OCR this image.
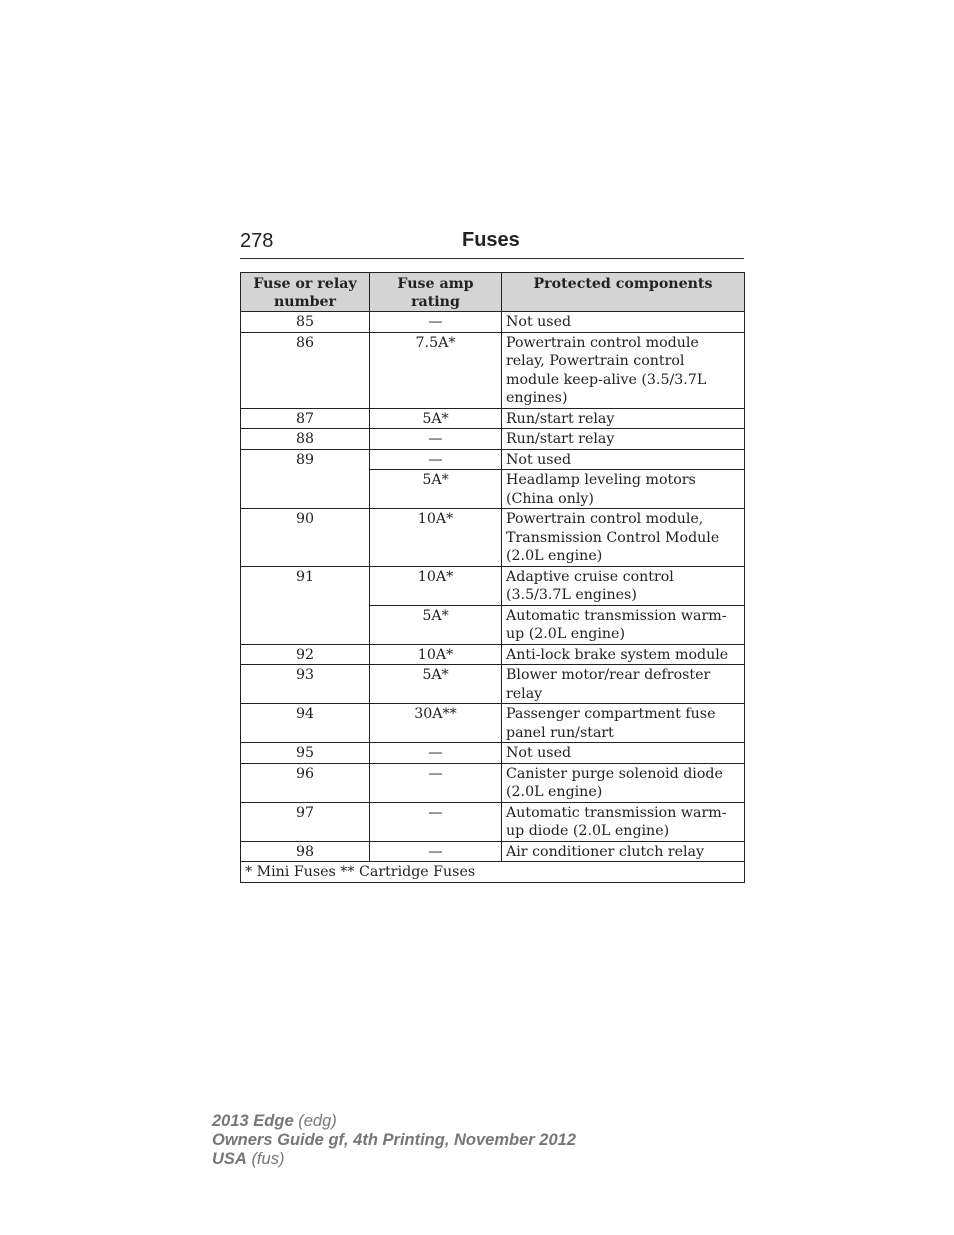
278	Fuses
Fuse or relay number	Fuse amp rating	Protected components
85	—	Not used
86	7.5A*	Powertrain control module relay, Powertrain control module keep-alive (3.5/3.7L engines)
87	5A*	Run/start relay
88	—	Run/start relay
89	—	Not used
	5A*	Headlamp leveling motors (China only)
90	10A*	Powertrain control module, Transmission Control Module (2.0L engine)
91	10A*	Adaptive cruise control (3.5/3.7L engines)
	5A*	Automatic transmission warm-up (2.0L engine)
92	10A*	Anti-lock brake system module
93	5A*	Blower motor/rear defroster relay
94	30A**	Passenger compartment fuse panel run/start
95	—	Not used
96	—	Canister purge solenoid diode (2.0L engine)
97	—	Automatic transmission warm-up diode (2.0L engine)
98	—	Air conditioner clutch relay
* Mini Fuses ** Cartridge Fuses		
2013 Edge (edg)
Owners Guide gf, 4th Printing, November 2012
USA (fus)
